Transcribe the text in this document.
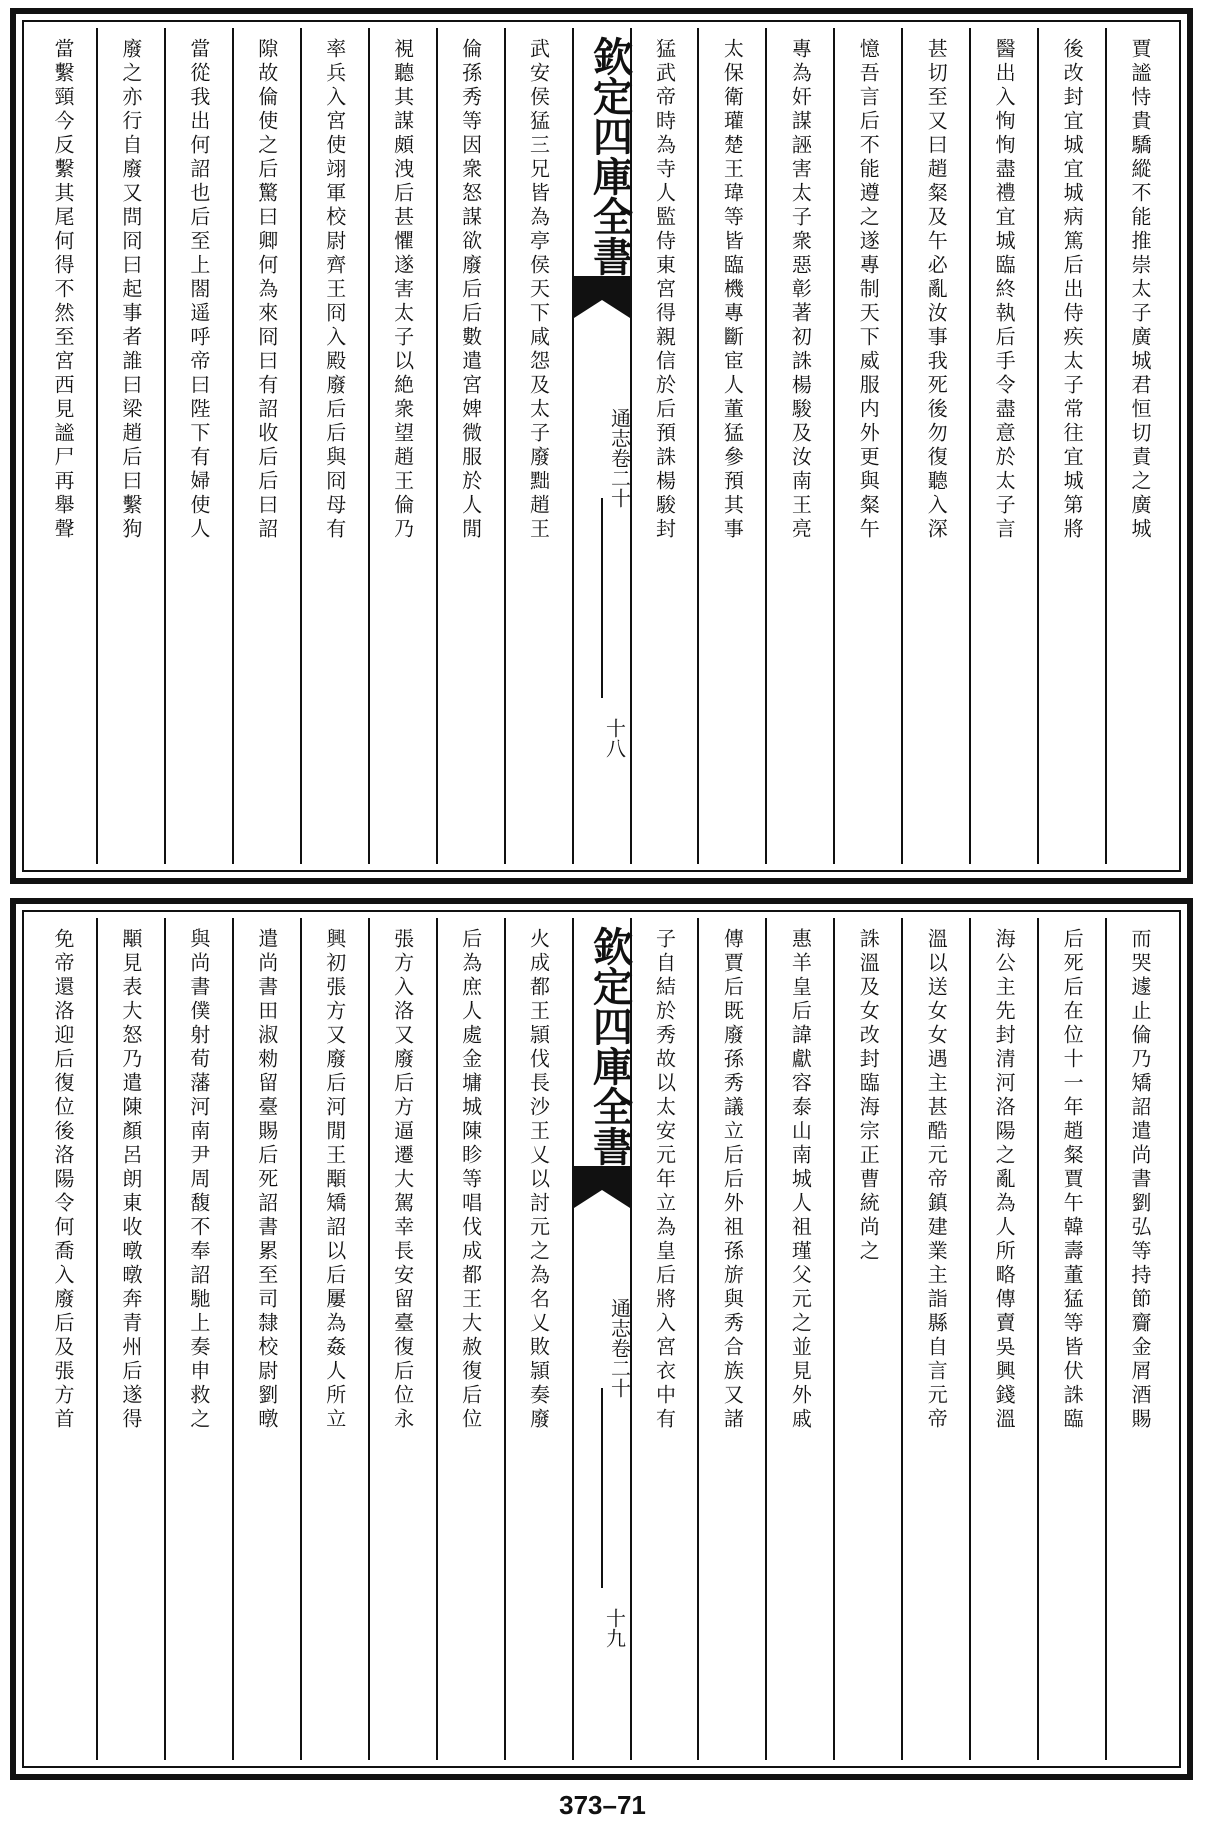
賈謐恃貴驕縱不能推崇太子廣城君恒切責之廣城
後改封宜城宜城病篤后出侍疾太子常往宜城第將
醫出入恂恂盡禮宜城臨終執后手令盡意於太子言
甚切至又曰趙粲及午必亂汝事我死後勿復聽入深
憶吾言后不能遵之遂專制天下威服内外更與粲午
專為奸謀誣害太子衆惡彰著初誅楊駿及汝南王亮
太保衛瓘楚王瑋等皆臨機專斷宦人董猛參預其事
猛武帝時為寺人監侍東宮得親信於后預誅楊駿封
欽定四庫全書
通志
卷二十
十八
武安侯猛三兄皆為亭侯天下咸怨及太子廢黜趙王
倫孫秀等因衆怒謀欲廢后后數遣宮婢微服於人閒
視聽其謀頗洩后甚懼遂害太子以絶衆望趙王倫乃
率兵入宮使翊軍校尉齊王冏入殿廢后后與冏母有
隙故倫使之后驚曰卿何為來冏曰有詔收后后曰詔
當從我出何詔也后至上閤遥呼帝曰陛下有婦使人
廢之亦行自廢又問冏曰起事者誰曰梁趙后曰繫狗
當繫頸今反繫其尾何得不然至宮西見謐尸再舉聲
而哭遽止倫乃矯詔遣尚書劉弘等持節齎金屑酒賜
后死后在位十一年趙粲賈午韓壽董猛等皆伏誅臨
海公主先封清河洛陽之亂為人所略傳賣吳興錢溫
溫以送女女遇主甚酷元帝鎮建業主詣縣自言元帝
誅溫及女改封臨海宗正曹統尚之
惠羊皇后諱獻容泰山南城人祖瑾父元之並見外戚
傳賈后既廢孫秀議立后后外祖孫旂與秀合族又諸
子自結於秀故以太安元年立為皇后將入宮衣中有
欽定四庫全書
通志
卷二十
十九
火成都王頴伐長沙王乂以討元之為名乂敗頴奏廢
后為庶人處金墉城陳眕等唱伐成都王大赦復后位
張方入洛又廢后方逼遷大駕幸長安留臺復后位永
興初張方又廢后河閒王顒矯詔以后屢為姦人所立
遣尚書田淑勑留臺賜后死詔書累至司隸校尉劉暾
與尚書僕射荀藩河南尹周馥不奉詔馳上奏申救之
顒見表大怒乃遣陳顏呂朗東收暾暾奔青州后遂得
免帝還洛迎后復位後洛陽令何喬入廢后及張方首
373–71
